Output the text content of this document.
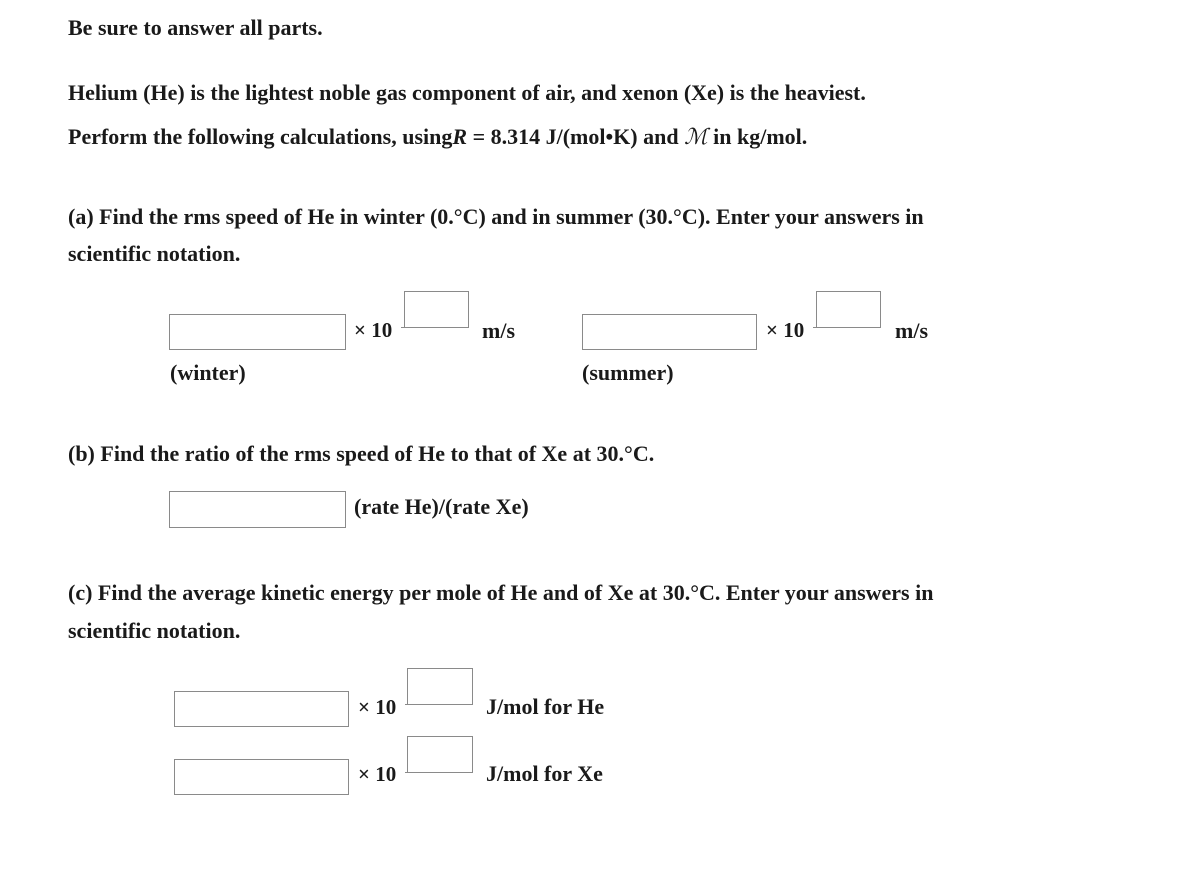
Be sure to answer all parts.
Helium (He) is the lightest noble gas component of air, and xenon (Xe) is the heaviest.
Perform the following calculations, usingR = 8.314 J/(mol•K) and ℳ in kg/mol.
(a) Find the rms speed of He in winter (0.°C) and in summer (30.°C). Enter your answers in
scientific notation.
× 10	m/s
(winter)
× 10	m/s
(summer)
(b) Find the ratio of the rms speed of He to that of Xe at 30.°C.
(rate He)/(rate Xe)
(c) Find the average kinetic energy per mole of He and of Xe at 30.°C. Enter your answers in
scientific notation.
× 10	J/mol for He
× 10	J/mol for Xe
